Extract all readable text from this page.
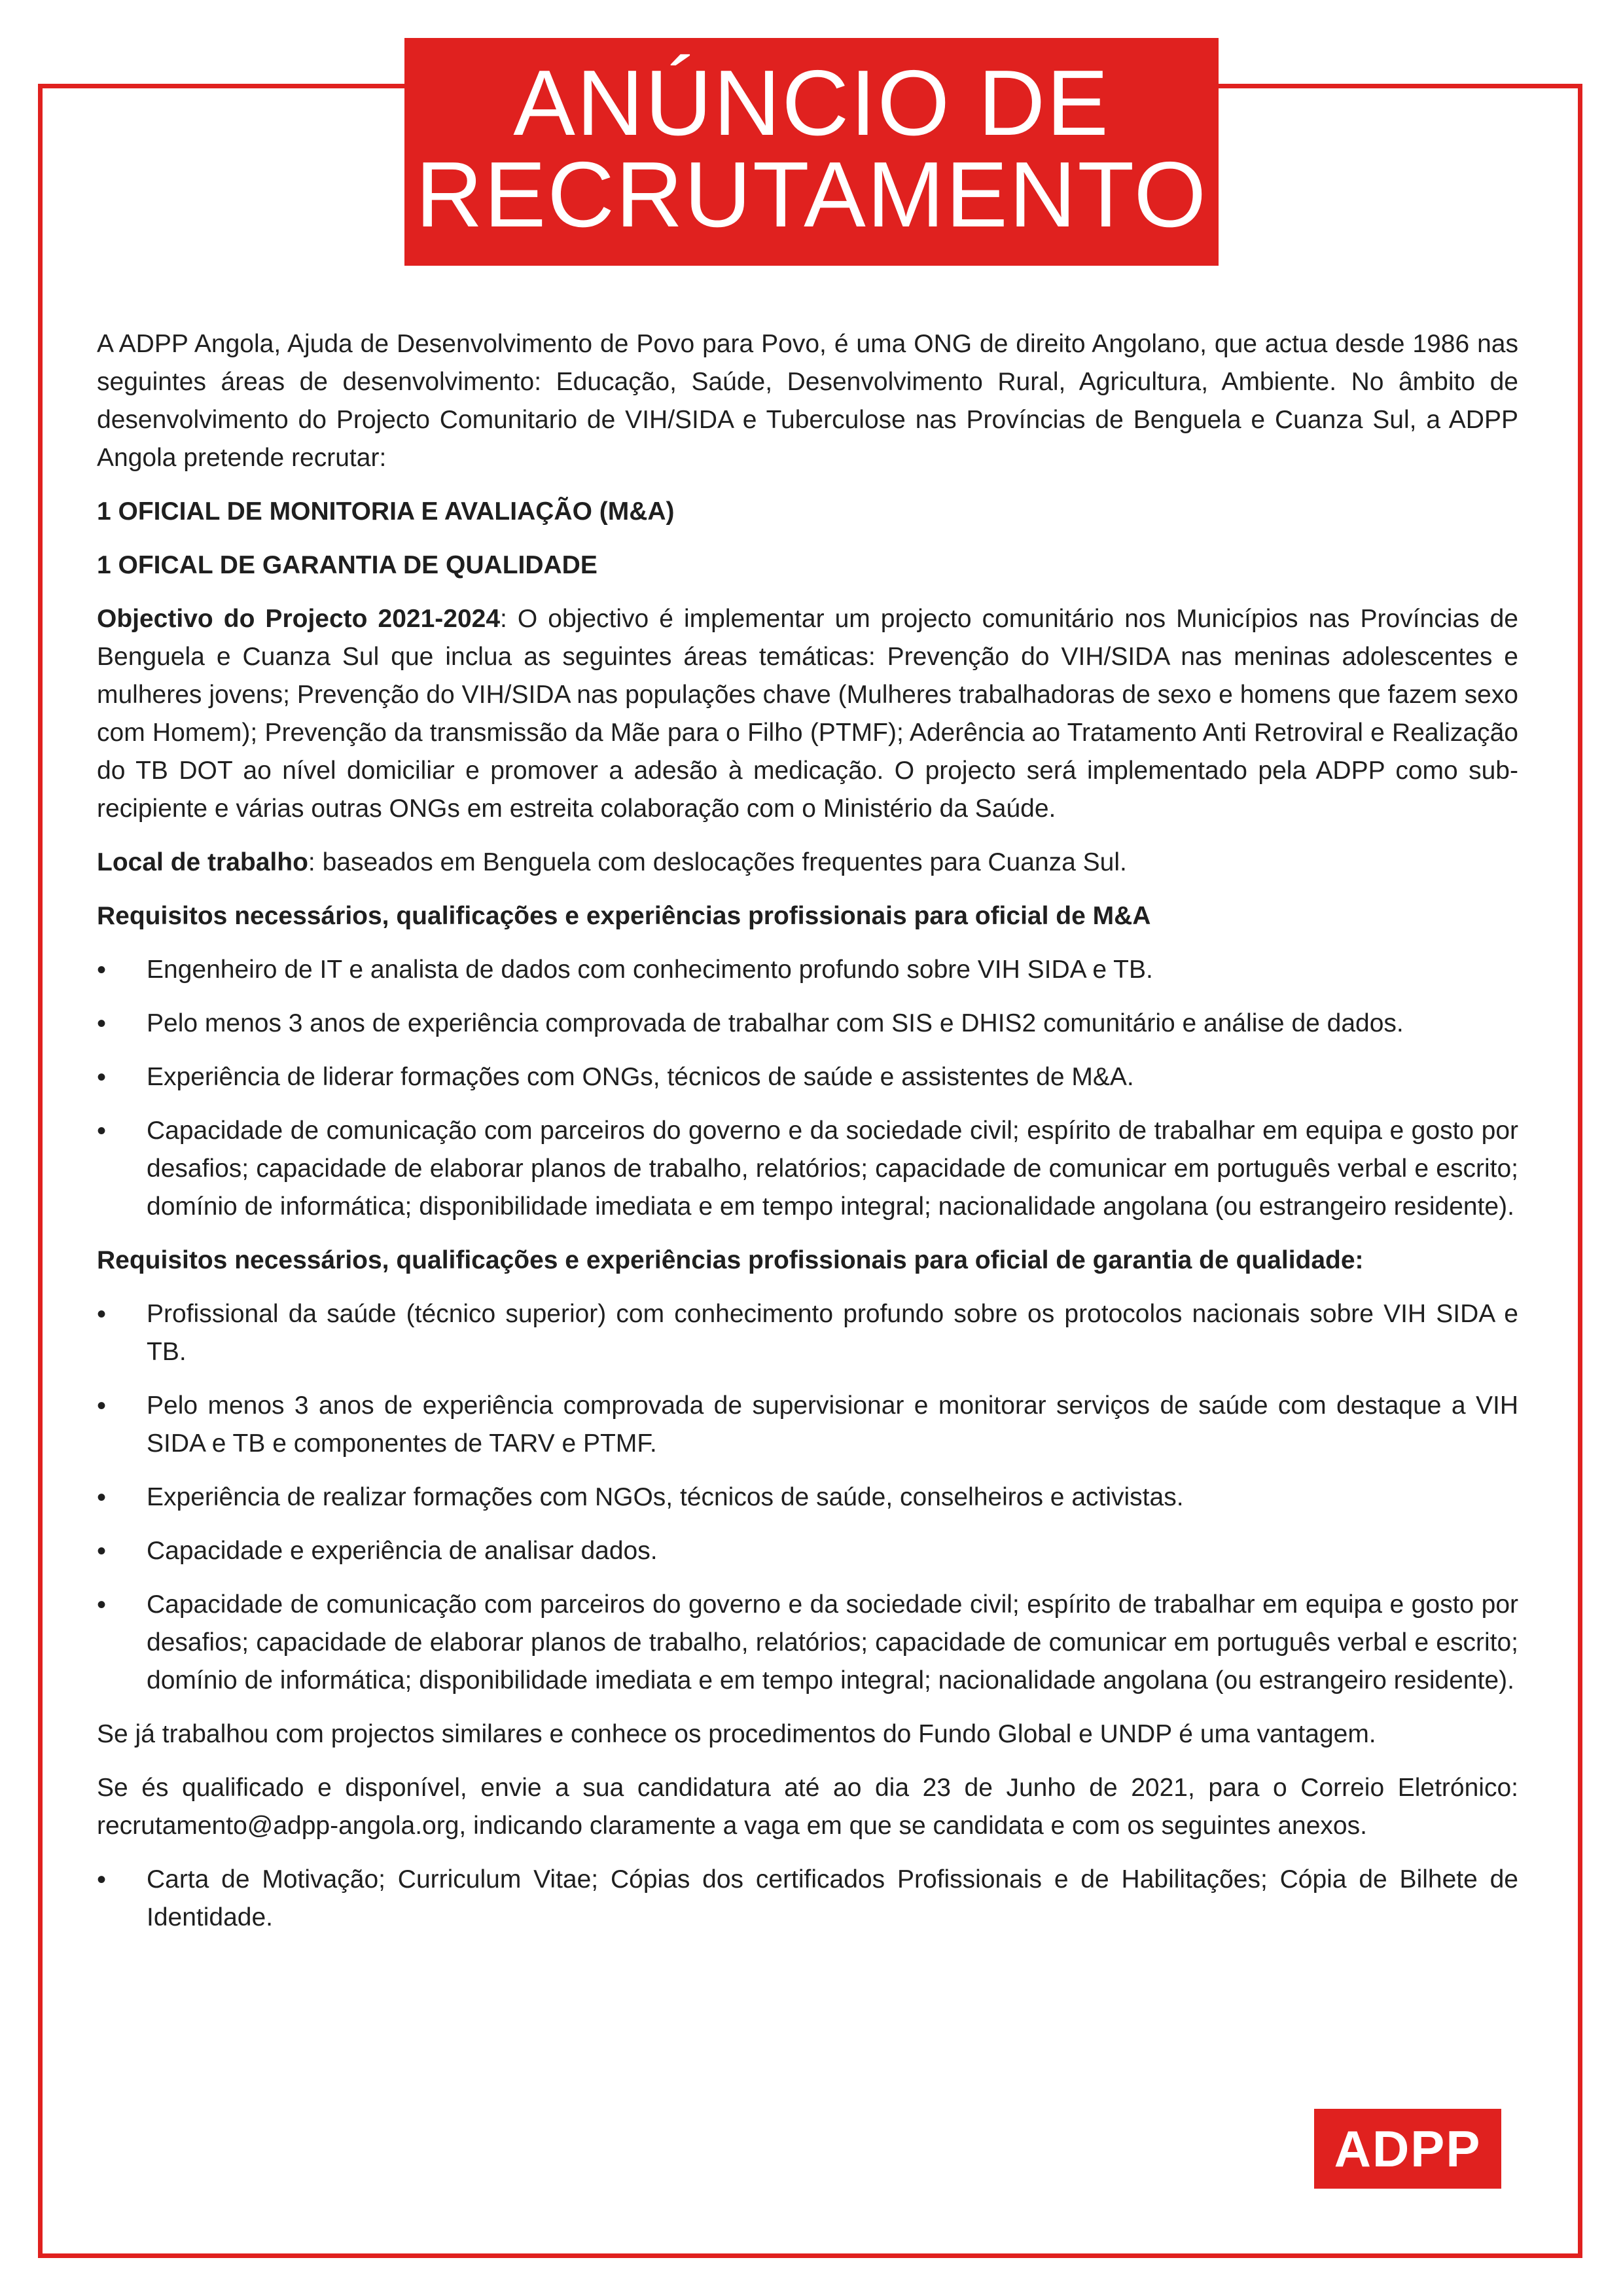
ANÚNCIO DE
RECRUTAMENTO

A ADPP Angola, Ajuda de Desenvolvimento de Povo para Povo, é uma ONG de direito Angolano, que actua desde 1986 nas seguintes áreas de desenvolvimento: Educação, Saúde, Desenvolvimento Rural, Agricultura, Ambiente. No âmbito de desenvolvimento do Projecto Comunitario de VIH/SIDA e Tuberculose nas Províncias de Benguela e Cuanza Sul, a ADPP Angola pretende recrutar:

1 OFICIAL DE MONITORIA E AVALIAÇÃO (M&A)

1 OFICAL DE GARANTIA DE QUALIDADE

Objectivo do Projecto 2021-2024: O objectivo é implementar um projecto comunitário nos Municípios nas Províncias de Benguela e Cuanza Sul que inclua as seguintes áreas temáticas: Prevenção do VIH/SIDA nas meninas adolescentes e mulheres jovens; Prevenção do VIH/SIDA nas populações chave (Mulheres trabalhadoras de sexo e homens que fazem sexo com Homem); Prevenção da transmissão da Mãe para o Filho (PTMF); Aderência ao Tratamento Anti Retroviral e Realização do TB DOT ao nível domiciliar e promover a adesão à medicação. O projecto será implementado pela ADPP como sub-recipiente e várias outras ONGs em estreita colaboração com o Ministério da Saúde.

Local de trabalho: baseados em Benguela com deslocações frequentes para Cuanza Sul.

Requisitos necessários, qualificações e experiências profissionais para oficial de M&A

• Engenheiro de IT e analista de dados com conhecimento profundo sobre VIH SIDA e TB.
• Pelo menos 3 anos de experiência comprovada de trabalhar com SIS e DHIS2 comunitário e análise de dados.
• Experiência de liderar formações com ONGs, técnicos de saúde e assistentes de M&A.
• Capacidade de comunicação com parceiros do governo e da sociedade civil; espírito de trabalhar em equipa e gosto por desafios; capacidade de elaborar planos de trabalho, relatórios; capacidade de comunicar em português verbal e escrito; domínio de informática; disponibilidade imediata e em tempo integral; nacionalidade angolana (ou estrangeiro residente).

Requisitos necessários, qualificações e experiências profissionais para oficial de garantia de qualidade:

• Profissional da saúde (técnico superior) com conhecimento profundo sobre os protocolos nacionais sobre VIH SIDA e TB.
• Pelo menos 3 anos de experiência comprovada de supervisionar e monitorar serviços de saúde com destaque a VIH SIDA e TB e componentes de TARV e PTMF.
• Experiência de realizar formações com NGOs, técnicos de saúde, conselheiros e activistas.
• Capacidade e experiência de analisar dados.
• Capacidade de comunicação com parceiros do governo e da sociedade civil; espírito de trabalhar em equipa e gosto por desafios; capacidade de elaborar planos de trabalho, relatórios; capacidade de comunicar em português verbal e escrito; domínio de informática; disponibilidade imediata e em tempo integral; nacionalidade angolana (ou estrangeiro residente).

Se já trabalhou com projectos similares e conhece os procedimentos do Fundo Global e UNDP é uma vantagem.

Se és qualificado e disponível, envie a sua candidatura até ao dia 23 de Junho de 2021, para o Correio Eletrónico: recrutamento@adpp-angola.org, indicando claramente a vaga em que se candidata e com os seguintes anexos.

• Carta de Motivação; Curriculum Vitae; Cópias dos certificados Profissionais e de Habilitações; Cópia de Bilhete de Identidade.
ADPP
